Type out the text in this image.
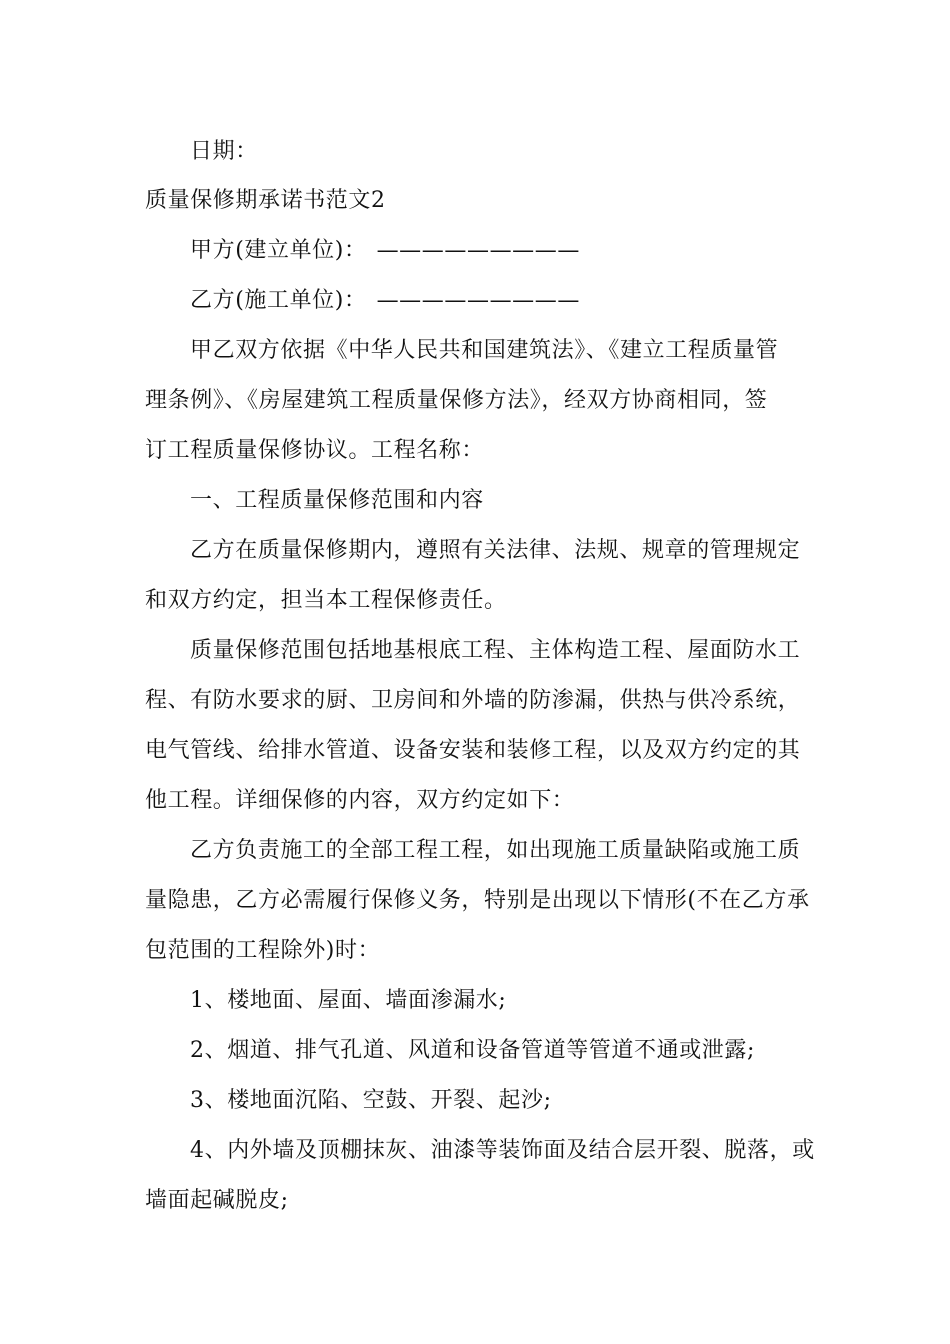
日期：
质量保修期承诺书范文2
甲方(建立单位)： —————————
乙方(施工单位)： —————————
甲乙双方依据《中华人民共和国建筑法》、《建立工程质量管
理条例》、《房屋建筑工程质量保修方法》，经双方协商相同，签
订工程质量保修协议。工程名称：
一、工程质量保修范围和内容
乙方在质量保修期内，遵照有关法律、法规、规章的管理规定
和双方约定，担当本工程保修责任。
质量保修范围包括地基根底工程、主体构造工程、屋面防水工
程、有防水要求的厨、卫房间和外墙的防渗漏，供热与供冷系统，
电气管线、给排水管道、设备安装和装修工程，以及双方约定的其
他工程。详细保修的内容，双方约定如下：
乙方负责施工的全部工程工程，如出现施工质量缺陷或施工质
量隐患，乙方必需履行保修义务，特别是出现以下情形(不在乙方承
包范围的工程除外)时：
1、楼地面、屋面、墙面渗漏水;
2、烟道、排气孔道、风道和设备管道等管道不通或泄露;
3、楼地面沉陷、空鼓、开裂、起沙;
4、内外墙及顶棚抹灰、油漆等装饰面及结合层开裂、脱落，或
墙面起碱脱皮;
